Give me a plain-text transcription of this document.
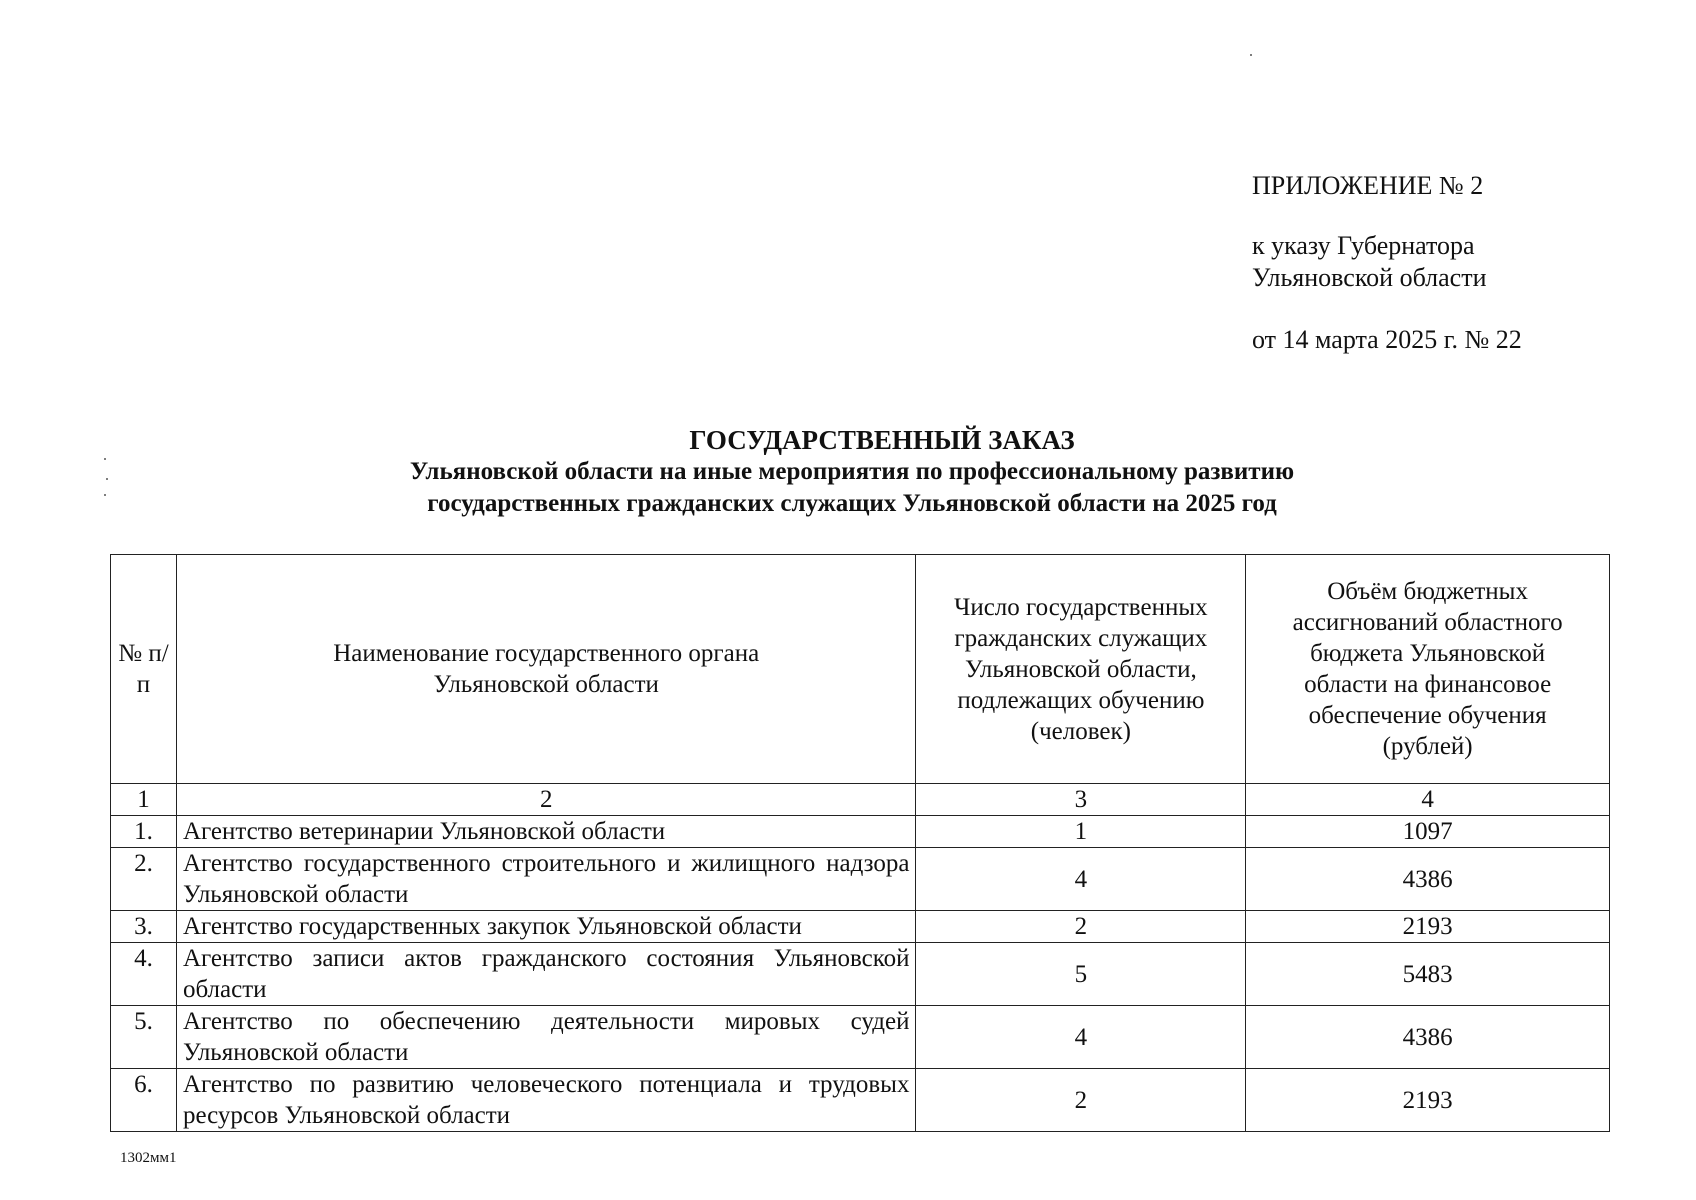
ПРИЛОЖЕНИЕ № 2
к указу Губернатора
Ульяновской области
от 14 марта 2025 г. № 22
ГОСУДАРСТВЕННЫЙ ЗАКАЗ
Ульяновской области на иные мероприятия по профессиональному развитию
государственных гражданских служащих Ульяновской области на 2025 год
№ п/п	Наименование государственного органа Ульяновской области	Число государственных гражданских служащих Ульяновской области, подлежащих обучению (человек)	Объём бюджетных ассигнований областного бюджета Ульяновской области на финансовое обеспечение обучения (рублей)
1	2	3	4
1.	Агентство ветеринарии Ульяновской области	1	1097
2.	Агентство государственного строительного и жилищного надзора Ульяновской области	4	4386
3.	Агентство государственных закупок Ульяновской области	2	2193
4.	Агентство записи актов гражданского состояния Ульяновской области	5	5483
5.	Агентство по обеспечению деятельности мировых судей Ульяновской области	4	4386
6.	Агентство по развитию человеческого потенциала и трудовых ресурсов Ульяновской области	2	2193
1302мм1
